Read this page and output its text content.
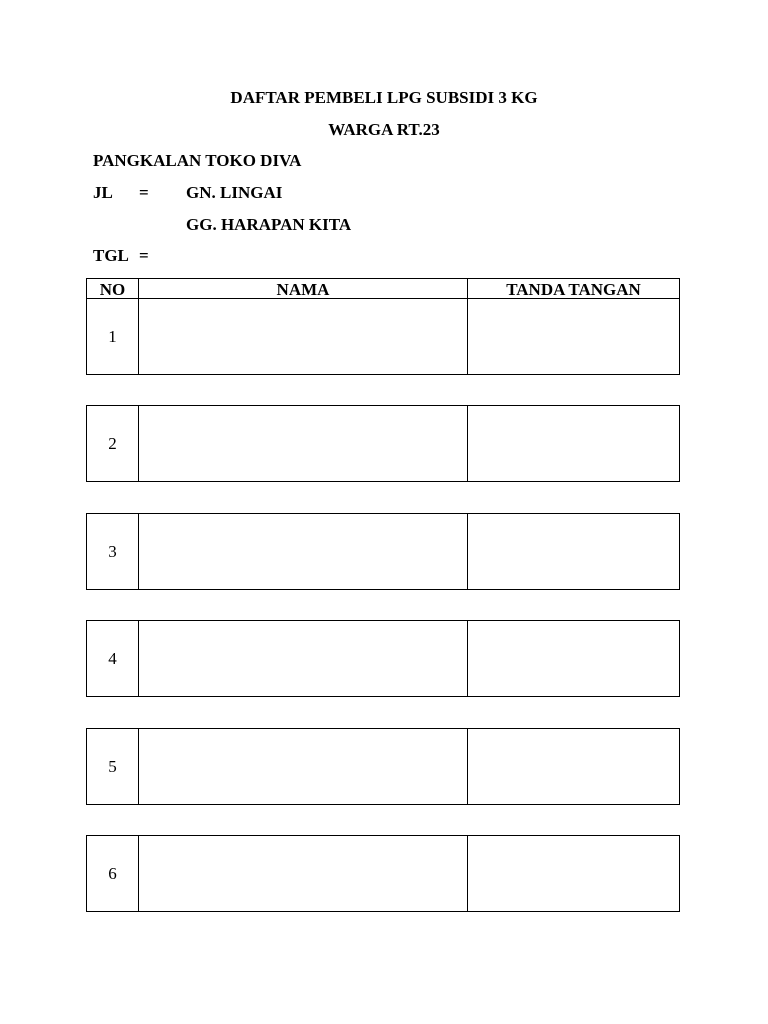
DAFTAR PEMBELI LPG SUBSIDI 3 KG
WARGA RT.23
PANGKALAN TOKO DIVA
JL = GN. LINGAI
GG. HARAPAN KITA
TGL =
NO	NAMA	TANDA TANGAN
1
2
3
4
5
6
